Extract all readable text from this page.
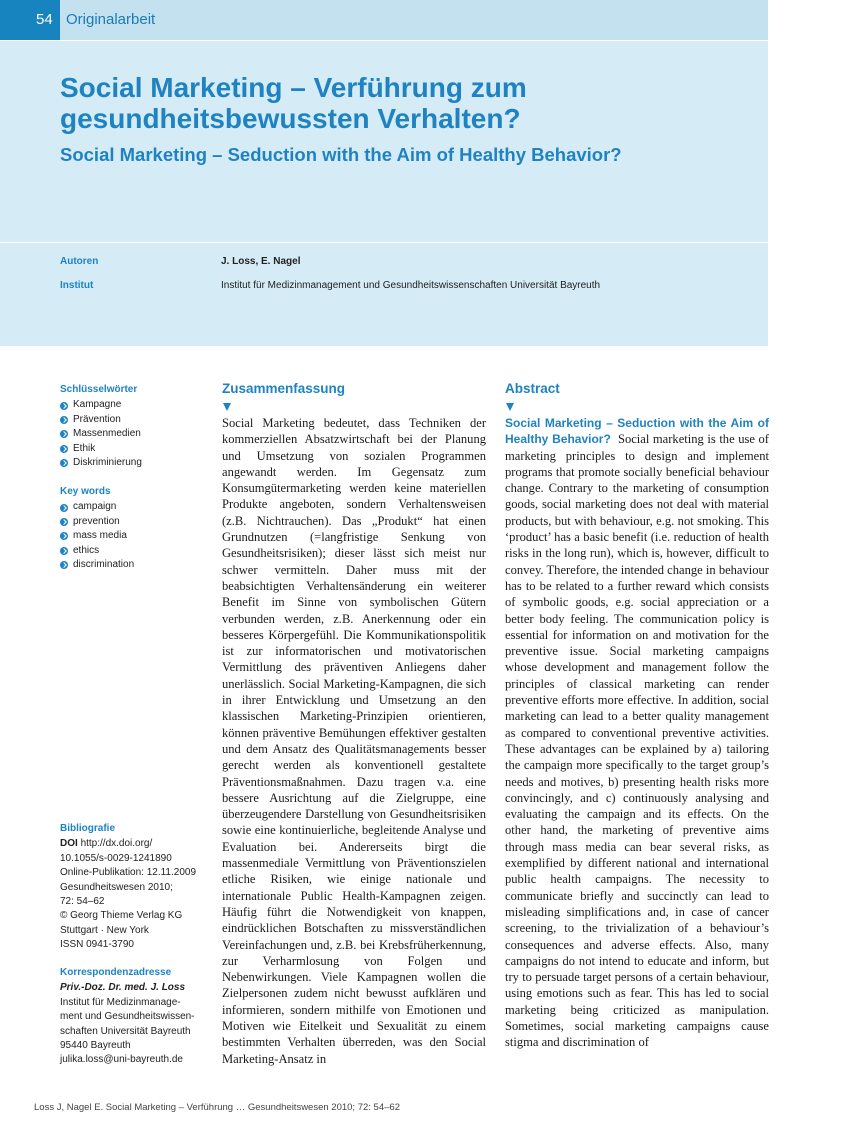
54 Originalarbeit
Social Marketing – Verführung zum gesundheitsbewussten Verhalten?
Social Marketing – Seduction with the Aim of Healthy Behavior?
Autoren	J. Loss, E. Nagel
Institut	Institut für Medizinmanagement und Gesundheitswissenschaften Universität Bayreuth
Schlüsselwörter
Kampagne
Prävention
Massenmedien
Ethik
Diskriminierung
Key words
campaign
prevention
mass media
ethics
discrimination
Bibliografie
DOI http://dx.doi.org/
10.1055/s-0029-1241890
Online-Publikation: 12.11.2009
Gesundheitswesen 2010;
72: 54–62
© Georg Thieme Verlag KG
Stuttgart · New York
ISSN 0941-3790
Korrespondenzadresse
Priv.-Doz. Dr. med. J. Loss
Institut für Medizinmanage-
ment und Gesundheitswissen-
schaften Universität Bayreuth
95440 Bayreuth
julika.loss@uni-bayreuth.de
Zusammenfassung
Social Marketing bedeutet, dass Techniken der kommerziellen Absatzwirtschaft bei der Planung und Umsetzung von sozialen Programmen angewandt werden. Im Gegensatz zum Konsumgütermarketing werden keine materiellen Produkte angeboten, sondern Verhaltensweisen (z.B. Nichtrauchen). Das „Produkt“ hat einen Grundnutzen (=langfristige Senkung von Gesundheitsrisiken); dieser lässt sich meist nur schwer vermitteln. Daher muss mit der beabsichtigten Verhaltensänderung ein weiterer Benefit im Sinne von symbolischen Gütern verbunden werden, z.B. Anerkennung oder ein besseres Körpergefühl. Die Kommunikationspolitik ist zur informatorischen und motivatorischen Vermittlung des präventiven Anliegens daher unerlässlich. Social Marketing-Kampagnen, die sich in ihrer Entwicklung und Umsetzung an den klassischen Marketing-Prinzipien orientieren, können präventive Bemühungen effektiver gestalten und dem Ansatz des Qualitätsmanagements besser gerecht werden als konventionell gestaltete Präventionsmaßnahmen. Dazu tragen v.a. eine bessere Ausrichtung auf die Zielgruppe, eine überzeugendere Darstellung von Gesundheitsrisiken sowie eine kontinuierliche, begleitende Analyse und Evaluation bei. Andererseits birgt die massenmediale Vermittlung von Präventionszielen etliche Risiken, wie einige nationale und internationale Public Health-Kampagnen zeigen. Häufig führt die Notwendigkeit von knappen, eindrücklichen Botschaften zu missverständlichen Vereinfachungen und, z.B. bei Krebsfrüherkennung, zur Verharmlosung von Folgen und Nebenwirkungen. Viele Kampagnen wollen die Zielpersonen zudem nicht bewusst aufklären und informieren, sondern mithilfe von Emotionen und Motiven wie Eitelkeit und Sexualität zu einem bestimmten Verhalten überreden, was den Social Marketing-Ansatz in
Abstract
Social Marketing – Seduction with the Aim of Healthy Behavior? Social marketing is the use of marketing principles to design and implement programs that promote socially beneficial behaviour change. Contrary to the marketing of consumption goods, social marketing does not deal with material products, but with behaviour, e.g. not smoking. This ‘product’ has a basic benefit (i.e. reduction of health risks in the long run), which is, however, difficult to convey. Therefore, the intended change in behaviour has to be related to a further reward which consists of symbolic goods, e.g. social appreciation or a better body feeling. The communication policy is essential for information on and motivation for the preventive issue. Social marketing campaigns whose development and management follow the principles of classical marketing can render preventive efforts more effective. In addition, social marketing can lead to a better quality management as compared to conventional preventive activities. These advantages can be explained by a) tailoring the campaign more specifically to the target group’s needs and motives, b) presenting health risks more convincingly, and c) continuously analysing and evaluating the campaign and its effects. On the other hand, the marketing of preventive aims through mass media can bear several risks, as exemplified by different national and international public health campaigns. The necessity to communicate briefly and succinctly can lead to misleading simplifications and, in case of cancer screening, to the trivialization of a behaviour’s consequences and adverse effects. Also, many campaigns do not intend to educate and inform, but try to persuade target persons of a certain behaviour, using emotions such as fear. This has led to social marketing being criticized as manipulation. Sometimes, social marketing campaigns cause stigma and discrimination of
Loss J, Nagel E. Social Marketing – Verführung … Gesundheitswesen 2010; 72: 54–62
